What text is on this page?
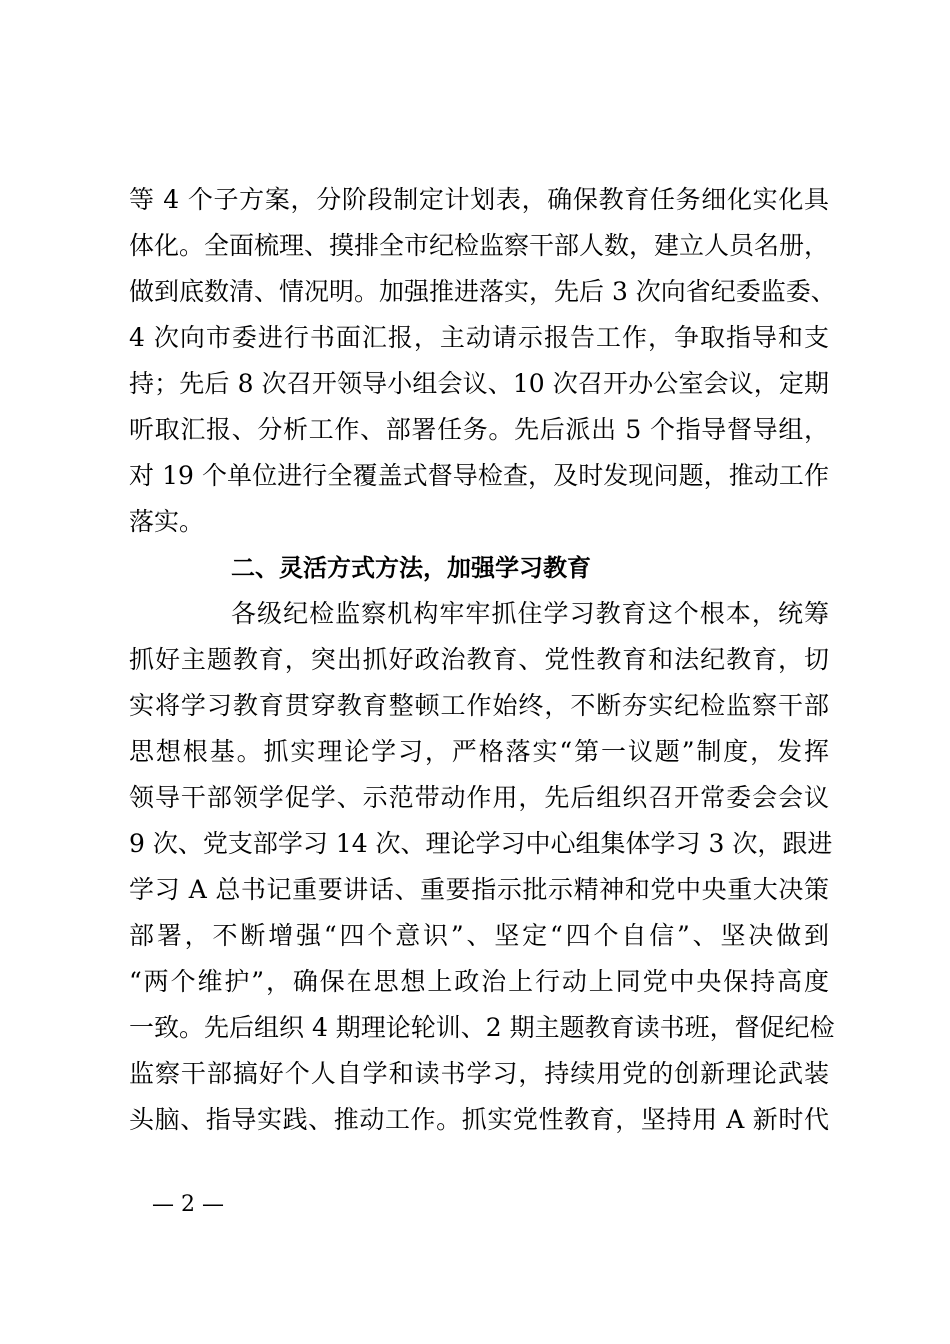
等 4 个子方案，分阶段制定计划表，确保教育任务细化实化具
体化。全面梳理、摸排全市纪检监察干部人数，建立人员名册，
做到底数清、情况明。加强推进落实，先后 3 次向省纪委监委、
4 次向市委进行书面汇报，主动请示报告工作，争取指导和支
持；先后 8 次召开领导小组会议、10 次召开办公室会议，定期
听取汇报、分析工作、部署任务。先后派出 5 个指导督导组，
对 19 个单位进行全覆盖式督导检查，及时发现问题，推动工作
落实。
二、灵活方式方法，加强学习教育
各级纪检监察机构牢牢抓住学习教育这个根本，统筹
抓好主题教育，突出抓好政治教育、党性教育和法纪教育，切
实将学习教育贯穿教育整顿工作始终，不断夯实纪检监察干部
思想根基。抓实理论学习，严格落实“第一议题”制度，发挥
领导干部领学促学、示范带动作用，先后组织召开常委会会议
9 次、党支部学习 14 次、理论学习中心组集体学习 3 次，跟进
学习 A 总书记重要讲话、重要指示批示精神和党中央重大决策
部署，不断增强“四个意识”、坚定“四个自信”、坚决做到
“两个维护”，确保在思想上政治上行动上同党中央保持高度
一致。先后组织 4 期理论轮训、2 期主题教育读书班，督促纪检
监察干部搞好个人自学和读书学习，持续用党的创新理论武装
头脑、指导实践、推动工作。抓实党性教育，坚持用 A 新时代
— 2 —
